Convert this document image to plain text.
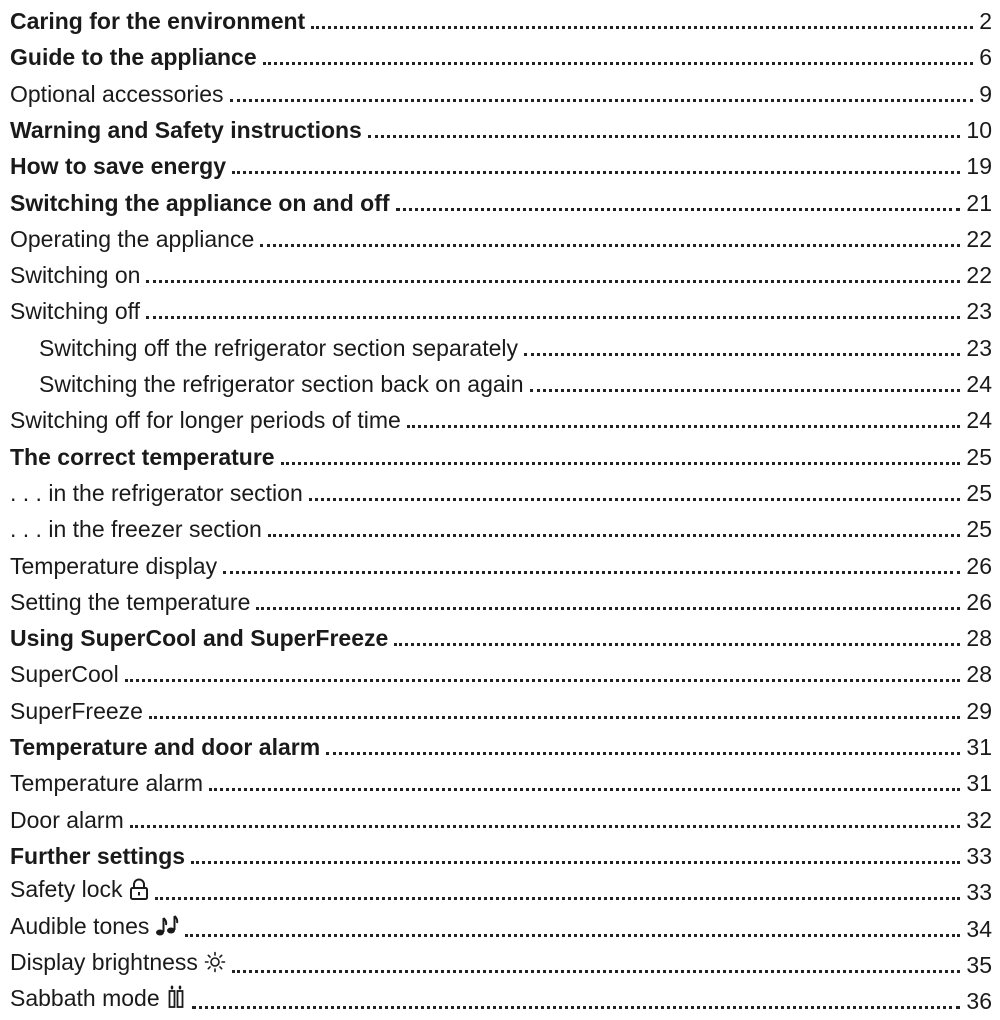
Caring for the environment	2
Guide to the appliance	6
Optional accessories	9
Warning and Safety instructions	10
How to save energy	19
Switching the appliance on and off	21
Operating the appliance	22
Switching on	22
Switching off	23
Switching off the refrigerator section separately	23
Switching the refrigerator section back on again	24
Switching off for longer periods of time	24
The correct temperature	25
. . . in the refrigerator section	25
. . . in the freezer section	25
Temperature display	26
Setting the temperature	26
Using SuperCool and SuperFreeze	28
SuperCool	28
SuperFreeze	29
Temperature and door alarm	31
Temperature alarm	31
Door alarm	32
Further settings	33
Safety lock	33
Audible tones	34
Display brightness	35
Sabbath mode	36
